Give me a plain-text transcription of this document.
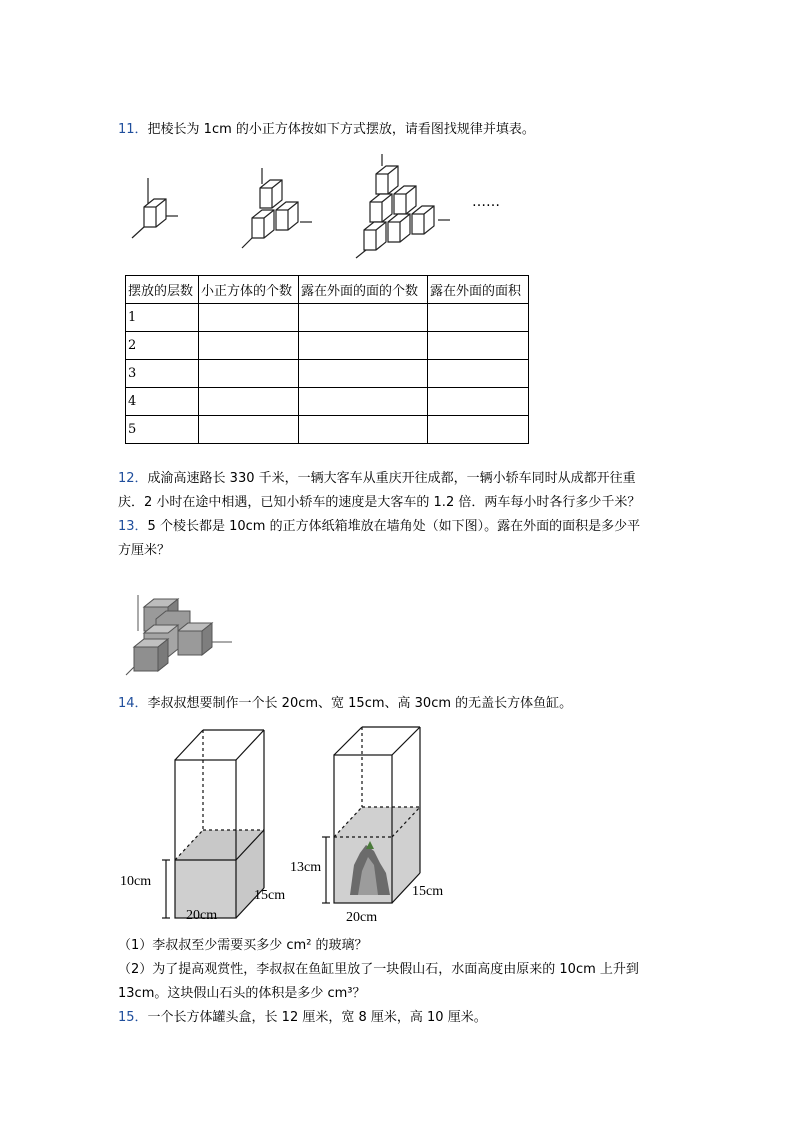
11．把棱长为 1cm 的小正方体按如下方式摆放，请看图找规律并填表。
……
摆放的层数	小正方体的个数	露在外面的面的个数	露在外面的面积
1			
2			
3			
4			
5			
12．成渝高速路长 330 千米，一辆大客车从重庆开往成都，一辆小轿车同时从成都开往重
庆．2 小时在途中相遇，已知小轿车的速度是大客车的 1.2 倍．两车每小时各行多少千米？
13．5 个棱长都是 10cm 的正方体纸箱堆放在墙角处（如下图）。露在外面的面积是多少平
方厘米？
14．李叔叔想要制作一个长 20cm、宽 15cm、高 30cm 的无盖长方体鱼缸。
10cm
20cm
15cm
13cm
20cm
15cm
（1）李叔叔至少需要买多少 cm² 的玻璃？
（2）为了提高观赏性，李叔叔在鱼缸里放了一块假山石，水面高度由原来的 10cm 上升到
13cm。这块假山石头的体积是多少 cm³？
15．一个长方体罐头盒，长 12 厘米，宽 8 厘米，高 10 厘米。
